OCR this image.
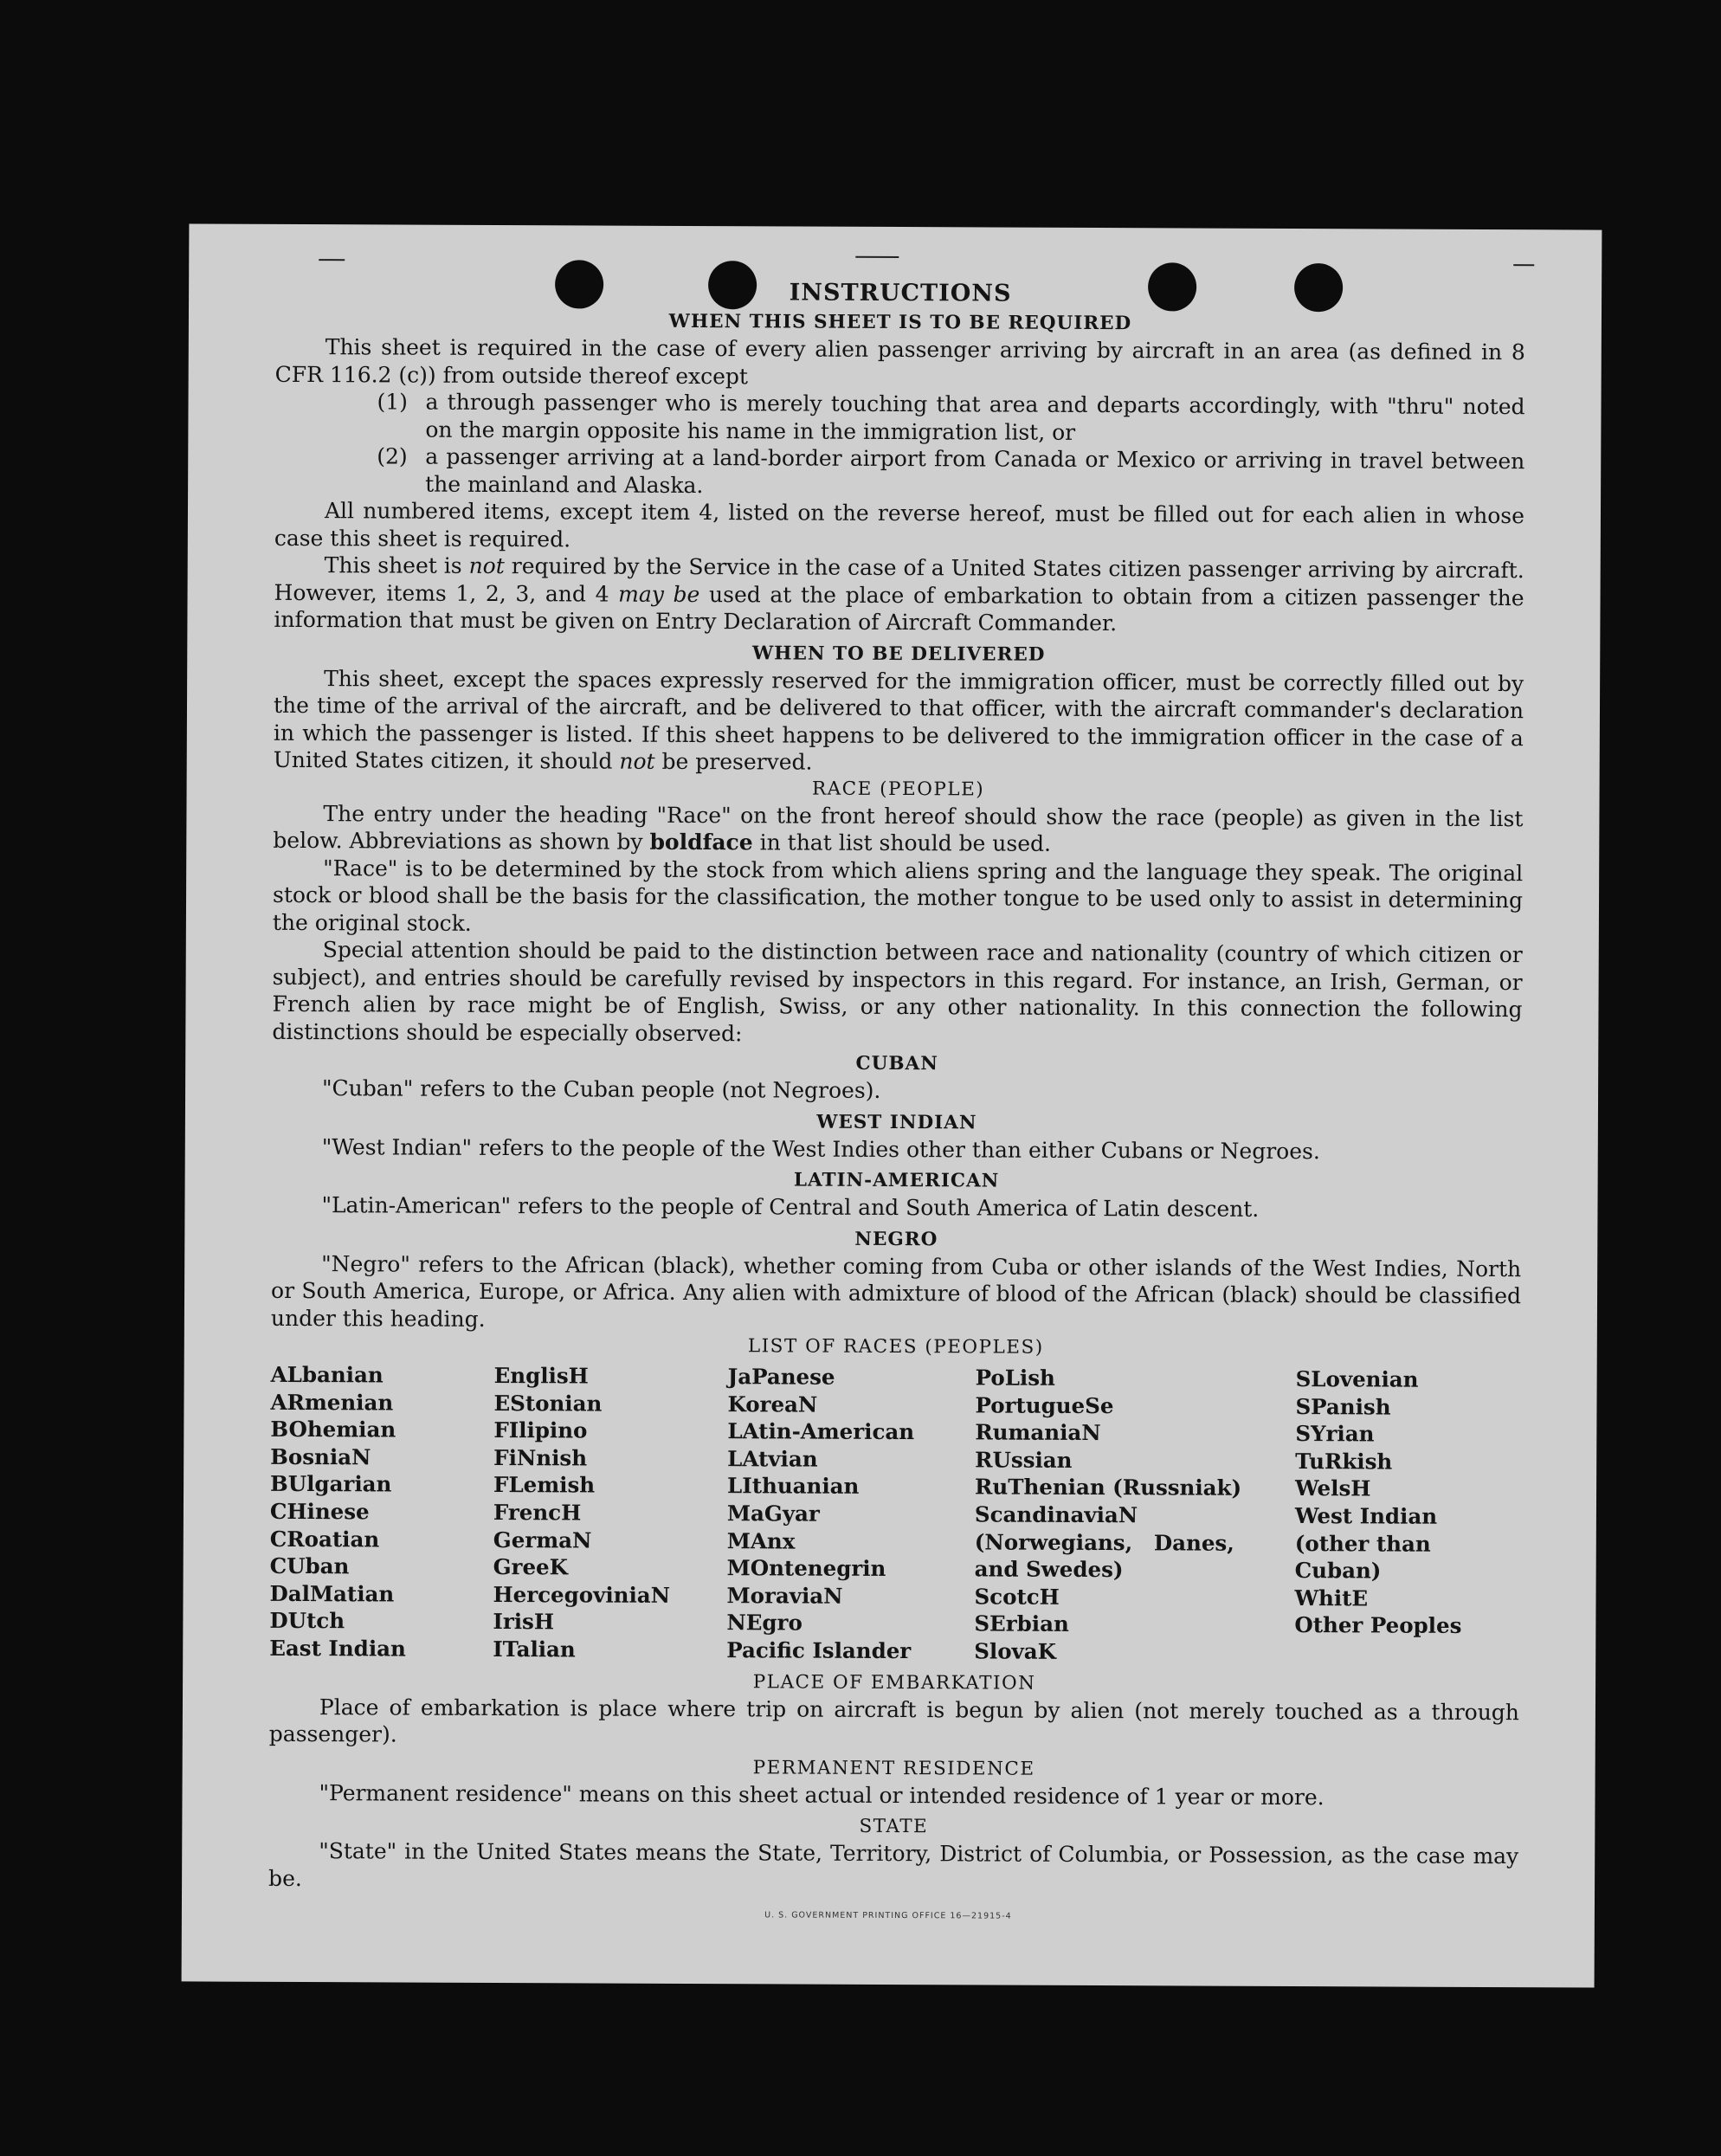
INSTRUCTIONS
WHEN THIS SHEET IS TO BE REQUIRED

This sheet is required in the case of every alien passenger arriving by aircraft in an area (as defined in 8 CFR 116.2 (c)) from outside thereof except

(1) a through passenger who is merely touching that area and departs accordingly, with "thru" noted on the margin opposite his name in the immigration list, or
(2) a passenger arriving at a land-border airport from Canada or Mexico or arriving in travel between the mainland and Alaska.

All numbered items, except item 4, listed on the reverse hereof, must be filled out for each alien in whose case this sheet is required.

This sheet is not required by the Service in the case of a United States citizen passenger arriving by aircraft. However, items 1, 2, 3, and 4 may be used at the place of embarkation to obtain from a citizen passenger the information that must be given on Entry Declaration of Aircraft Commander.

WHEN TO BE DELIVERED

This sheet, except the spaces expressly reserved for the immigration officer, must be correctly filled out by the time of the arrival of the aircraft, and be delivered to that officer, with the aircraft commander's declaration in which the passenger is listed. If this sheet happens to be delivered to the immigration officer in the case of a United States citizen, it should not be preserved.

RACE (PEOPLE)

The entry under the heading "Race" on the front hereof should show the race (people) as given in the list below. Abbreviations as shown by boldface in that list should be used.

"Race" is to be determined by the stock from which aliens spring and the language they speak. The original stock or blood shall be the basis for the classification, the mother tongue to be used only to assist in determining the original stock.

Special attention should be paid to the distinction between race and nationality (country of which citizen or subject), and entries should be carefully revised by inspectors in this regard. For instance, an Irish, German, or French alien by race might be of English, Swiss, or any other nationality. In this connection the following distinctions should be especially observed:

CUBAN

"Cuban" refers to the Cuban people (not Negroes).

WEST INDIAN

"West Indian" refers to the people of the West Indies other than either Cubans or Negroes.

LATIN-AMERICAN

"Latin-American" refers to the people of Central and South America of Latin descent.

NEGRO

"Negro" refers to the African (black), whether coming from Cuba or other islands of the West Indies, North or South America, Europe, or Africa. Any alien with admixture of blood of the African (black) should be classified under this heading.

LIST OF RACES (PEOPLES)
ALbanian
ARmenian
BOhemian
BosniaN
BUlgarian
CHinese
CRoatian
CUban
DalMatian
DUtch
East Indian
EnglisH
EStonian
FIlipino
FiNnish
FLemish
FrencH
GermaN
GreeK
HercegoviniaN
IrisH
ITalian
JaPanese
KoreaN
LAtin-American
LAtvian
LIthuanian
MaGyar
MAnx
MOntenegrin
MoraviaN
NEgro
Pacific Islander
PoLish
PortugueSe
RumaniaN
RUssian
RuThenian (Russniak)
ScandinaviaN (Norwegians, Danes, and Swedes)
ScotcH
SErbian
SlovaK
SLovenian
SPanish
SYrian
TuRkish
WelsH
West Indian (other than Cuban)
WhitE
Other Peoples
PLACE OF EMBARKATION

Place of embarkation is place where trip on aircraft is begun by alien (not merely touched as a through passenger).

PERMANENT RESIDENCE

"Permanent residence" means on this sheet actual or intended residence of 1 year or more.

STATE

"State" in the United States means the State, Territory, District of Columbia, or Possession, as the case may be.

U. S. GOVERNMENT PRINTING OFFICE 16—21915-4
